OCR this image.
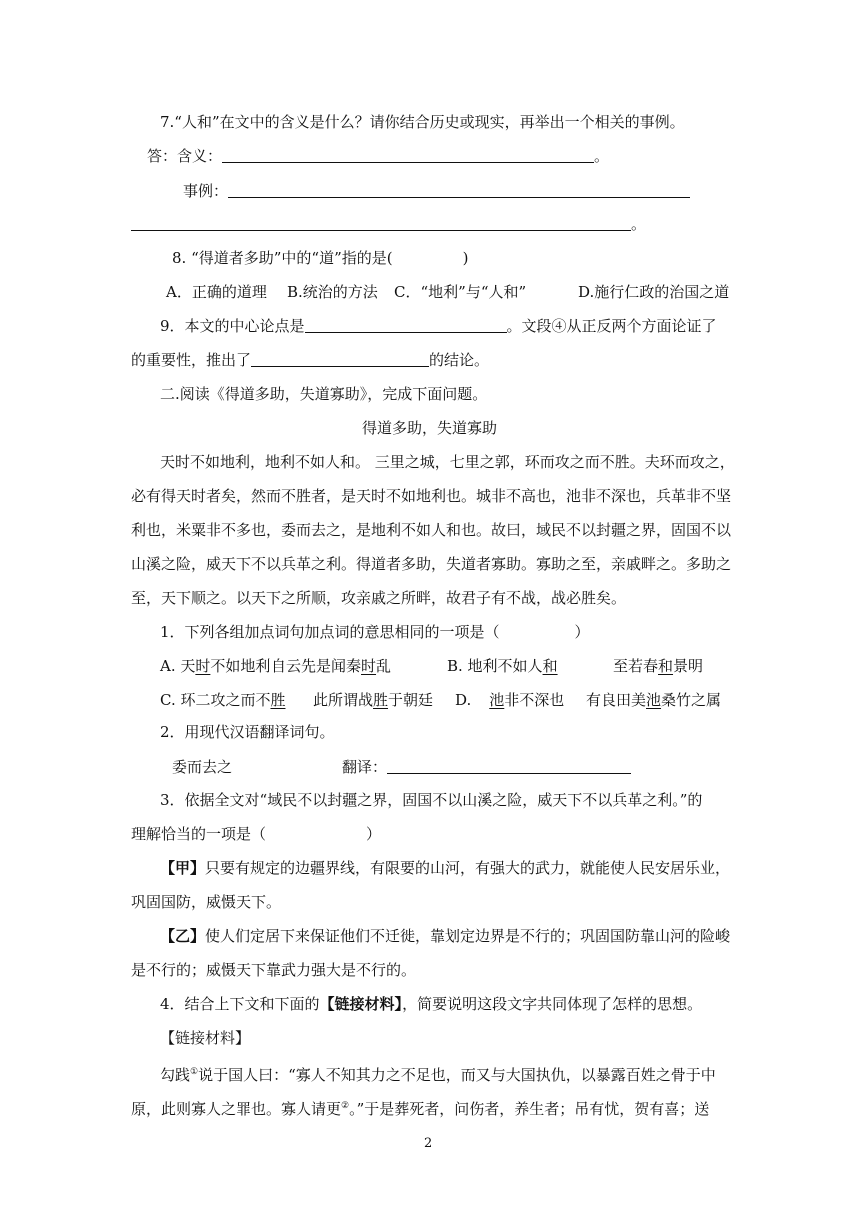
7.“人和”在文中的含义是什么？请你结合历史或现实，再举出一个相关的事例。
答：含义：	。
事例：
。
8. “得道者多助”中的“道”指的是(	)
A．正确的道理 B.统治的方法 C．“地利”与“人和”	D.施行仁政的治国之道
9．本文的中心论点是	。文段④从正反两个方面论证了
的重要性，推出了	的结论。
二.阅读《得道多助，失道寡助》，完成下面问题。
得道多助，失道寡助
天时不如地利，地利不如人和。 三里之城，七里之郭，环而攻之而不胜。夫环而攻之，
必有得天时者矣，然而不胜者，是天时不如地利也。城非不高也，池非不深也，兵革非不坚
利也，米粟非不多也，委而去之，是地利不如人和也。故曰，域民不以封疆之界，固国不以
山溪之险，威天下不以兵革之利。得道者多助，失道者寡助。寡助之至，亲戚畔之。多助之
至，天下顺之。以天下之所顺，攻亲戚之所畔，故君子有不战，战必胜矣。
1．下列各组加点词句加点词的意思相同的一项是（	）
A. 天时不如地利 自云先是闻秦时乱	B. 地利不如人和	至若春和景明
C. 环二攻之而不胜 此所谓战胜于朝廷 D. 池非不深也 有良田美池桑竹之属
2．用现代汉语翻译词句。
委而去之	翻译：
3．依据全文对“域民不以封疆之界，固国不以山溪之险，威天下不以兵革之利。”的
理解恰当的一项是（	）
【甲】只要有规定的边疆界线，有限要的山河，有强大的武力，就能使人民安居乐业，
巩固国防，威慑天下。
【乙】使人们定居下来保证他们不迁徙，靠划定边界是不行的；巩固国防靠山河的险峻
是不行的；威慑天下靠武力强大是不行的。
4．结合上下文和下面的【链接材料】，简要说明这段文字共同体现了怎样的思想。
【链接材料】
勾践①说于国人曰：“寡人不知其力之不足也，而又与大国执仇，以暴露百姓之骨于中
原，此则寡人之罪也。寡人请更②。”于是葬死者，问伤者，养生者；吊有忧，贺有喜；送
2
